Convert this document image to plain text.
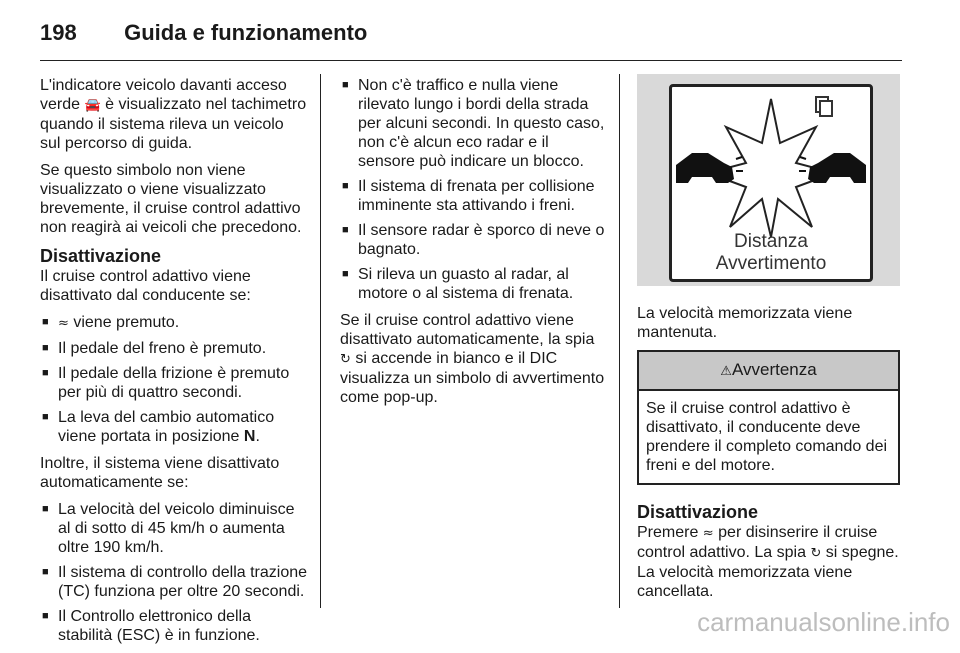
198 Guida e funzionamento

L'indicatore veicolo davanti acceso verde 🚘 è visualizzato nel tachimetro quando il sistema rileva un veicolo sul percorso di guida.

Se questo simbolo non viene visualizzato o viene visualizzato brevemente, il cruise control adattivo non reagirà ai veicoli che precedono.

Disattivazione

Il cruise control adattivo viene disattivato dal conducente se:

■ ≈ viene premuto.
■ Il pedale del freno è premuto.
■ Il pedale della frizione è premuto per più di quattro secondi.
■ La leva del cambio automatico viene portata in posizione N.

Inoltre, il sistema viene disattivato automaticamente se:

■ La velocità del veicolo diminuisce al di sotto di 45 km/h o aumenta oltre 190 km/h.
■ Il sistema di controllo della trazione (TC) funziona per oltre 20 secondi.
■ Il Controllo elettronico della stabilità (ESC) è in funzione.
■ Non c'è traffico e nulla viene rilevato lungo i bordi della strada per alcuni secondi. In questo caso, non c'è alcun eco radar e il sensore può indicare un blocco.
■ Il sistema di frenata per collisione imminente sta attivando i freni.
■ Il sensore radar è sporco di neve o bagnato.
■ Si rileva un guasto al radar, al motore o al sistema di frenata.

Se il cruise control adattivo viene disattivato automaticamente, la spia ↻ si accende in bianco e il DIC visualizza un simbolo di avvertimento come pop-up.

Distanza
Avvertimento

La velocità memorizzata viene mantenuta.

⚠Avvertenza
Se il cruise control adattivo è disattivato, il conducente deve prendere il completo comando dei freni e del motore.
Disattivazione

Premere ≈ per disinserire il cruise control adattivo. La spia ↻ si spegne. La velocità memorizzata viene cancellata.

carmanualsonline.info
